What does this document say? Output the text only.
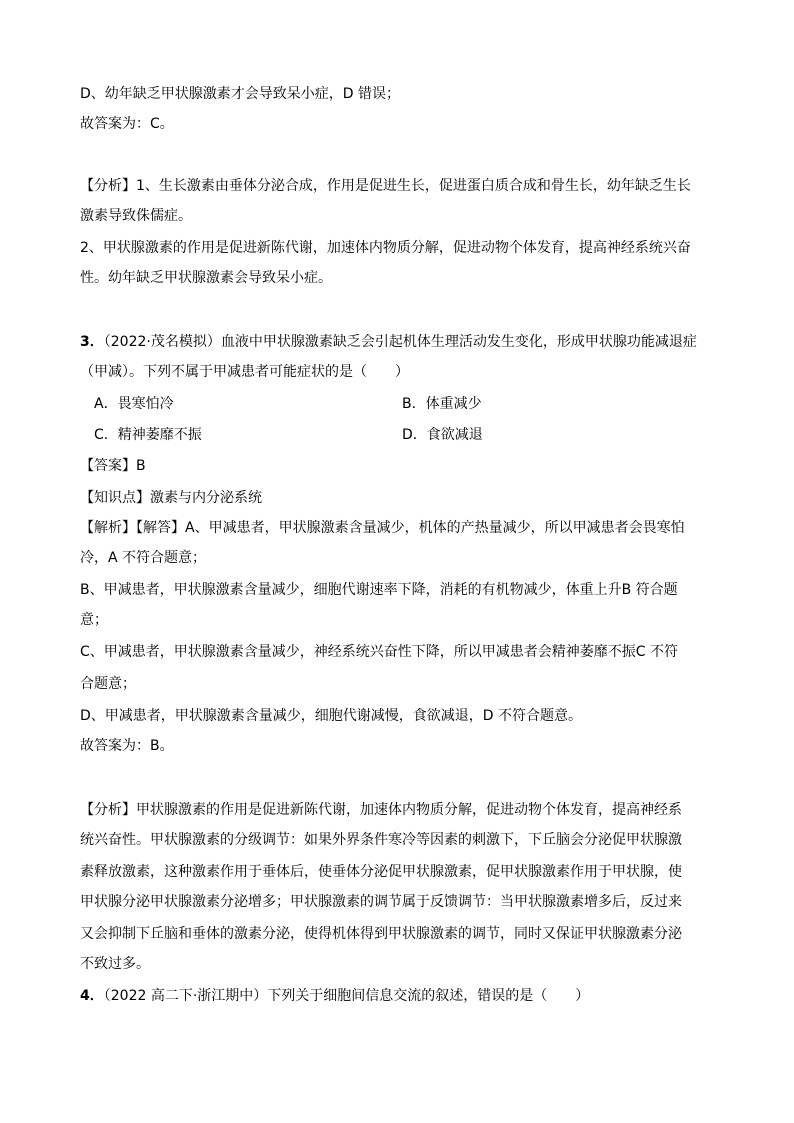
D、幼年缺乏甲状腺激素才会导致呆小症，D 错误；
故答案为：C。
【分析】1、生长激素由垂体分泌合成，作用是促进生长，促进蛋白质合成和骨生长，幼年缺乏生长
激素导致侏儒症。
2、甲状腺激素的作用是促进新陈代谢，加速体内物质分解，促进动物个体发育，提高神经系统兴奋
性。幼年缺乏甲状腺激素会导致呆小症。
3．（2022·茂名模拟）血液中甲状腺激素缺乏会引起机体生理活动发生变化，形成甲状腺功能减退症
（甲减）。下列不属于甲减患者可能症状的是（　　）
A．畏寒怕冷	B．体重减少
C．精神萎靡不振	D．食欲减退
【答案】B
【知识点】激素与内分泌系统
【解析】【解答】A、甲减患者，甲状腺激素含量减少，机体的产热量减少，所以甲减患者会畏寒怕
冷，A 不符合题意；
B、甲减患者，甲状腺激素含量减少，细胞代谢速率下降，消耗的有机物减少，体重上升B 符合题
意；
C、甲减患者，甲状腺激素含量减少，神经系统兴奋性下降，所以甲减患者会精神萎靡不振C 不符
合题意；
D、甲减患者，甲状腺激素含量减少，细胞代谢减慢，食欲减退，D 不符合题意。
故答案为：B。
【分析】甲状腺激素的作用是促进新陈代谢，加速体内物质分解，促进动物个体发育，提高神经系
统兴奋性。甲状腺激素的分级调节：如果外界条件寒冷等因素的刺激下，下丘脑会分泌促甲状腺激
素释放激素，这种激素作用于垂体后，使垂体分泌促甲状腺激素，促甲状腺激素作用于甲状腺，使
甲状腺分泌甲状腺激素分泌增多；甲状腺激素的调节属于反馈调节：当甲状腺激素增多后，反过来
又会抑制下丘脑和垂体的激素分泌，使得机体得到甲状腺激素的调节，同时又保证甲状腺激素分泌
不致过多。
4．（2022 高二下·浙江期中）下列关于细胞间信息交流的叙述，错误的是（　　）
